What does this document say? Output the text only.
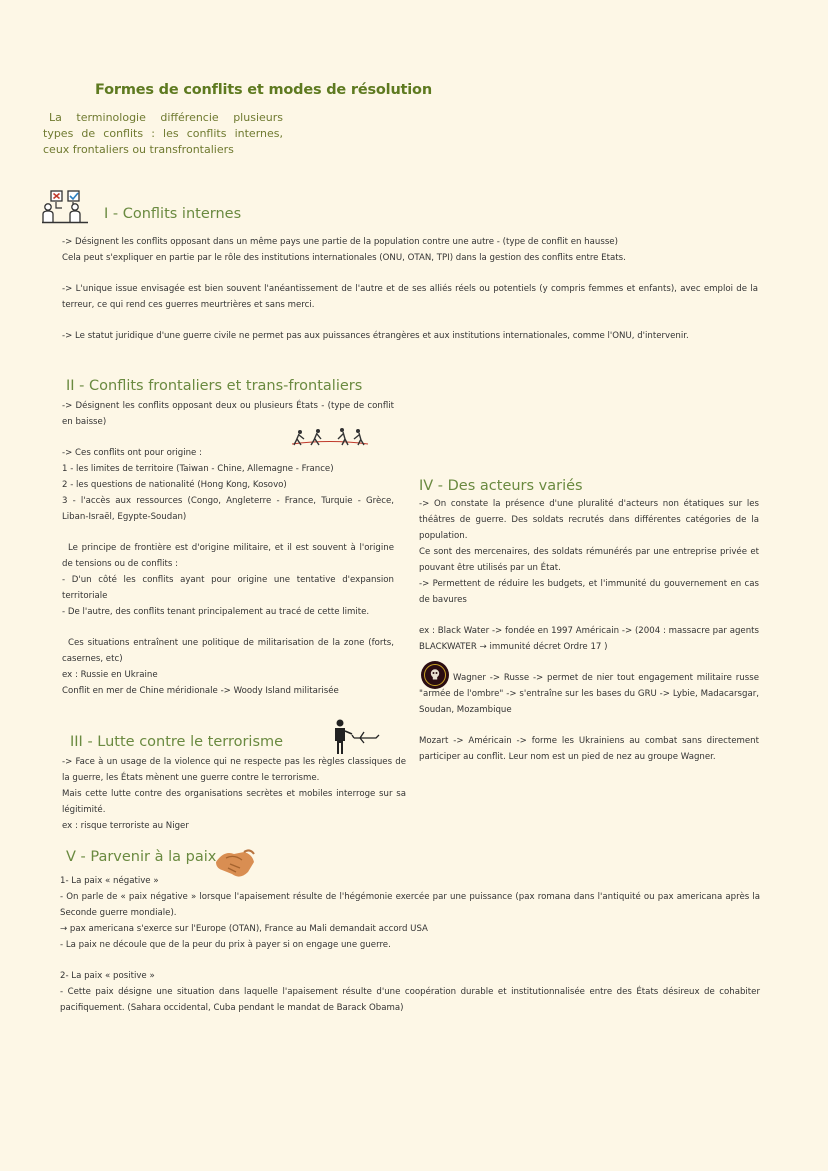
Formes de conflits et modes de résolution

La terminologie différencie plusieurs types de conflits : les conflits internes, ceux frontaliers ou transfrontaliers

I - Conflits internes

-> Désignent les conflits opposant dans un même pays une partie de la population contre une autre - (type de conflit en hausse)

Cela peut s'expliquer en partie par le rôle des institutions internationales (ONU, OTAN, TPI) dans la gestion des conflits entre Etats.

-> L'unique issue envisagée est bien souvent l'anéantissement de l'autre et de ses alliés réels ou potentiels (y compris femmes et enfants), avec emploi de la terreur, ce qui rend ces guerres meurtrières et sans merci.

-> Le statut juridique d'une guerre civile ne permet pas aux puissances étrangères et aux institutions internationales, comme l'ONU, d'intervenir.

II - Conflits frontaliers et trans-frontaliers

-> Désignent les conflits opposant deux ou plusieurs États - (type de conflit en baisse)

-> Ces conflits ont pour origine :

1 - les limites de territoire (Taiwan - Chine, Allemagne - France)

2 - les questions de nationalité (Hong Kong, Kosovo)

3 - l'accès aux ressources (Congo, Angleterre - France, Turquie - Grèce, Liban-Israël, Egypte-Soudan)

Le principe de frontière est d'origine militaire, et il est souvent à l'origine de tensions ou de conflits :

- D'un côté les conflits ayant pour origine une tentative d'expansion territoriale

- De l'autre, des conflits tenant principalement au tracé de cette limite.

Ces situations entraînent une politique de militarisation de la zone (forts, casernes, etc)

ex : Russie en Ukraine

Conflit en mer de Chine méridionale -> Woody Island militarisée

III - Lutte contre le terrorisme

-> Face à un usage de la violence qui ne respecte pas les règles classiques de la guerre, les États mènent une guerre contre le terrorisme.

Mais cette lutte contre des organisations secrètes et mobiles interroge sur sa légitimité.

ex : risque terroriste au Niger

IV - Des acteurs variés

-> On constate la présence d'une pluralité d'acteurs non étatiques sur les théâtres de guerre. Des soldats recrutés dans différentes catégories de la population.

Ce sont des mercenaires, des soldats rémunérés par une entreprise privée et pouvant être utilisés par un État.

-> Permettent de réduire les budgets, et l'immunité du gouvernement en cas de bavures

ex : Black Water -> fondée en 1997 Américain -> (2004 : massacre par agents BLACKWATER → immunité décret Ordre 17 )

Wagner -> Russe -> permet de nier tout engagement militaire russe "armée de l'ombre" -> s'entraîne sur les bases du GRU -> Lybie, Madacarsgar, Soudan, Mozambique

Mozart -> Américain -> forme les Ukrainiens au combat sans directement participer au conflit. Leur nom est un pied de nez au groupe Wagner.

V - Parvenir à la paix

1- La paix « négative »

- On parle de « paix négative » lorsque l'apaisement résulte de l'hégémonie exercée par une puissance (pax romana dans l'antiquité ou pax americana après la Seconde guerre mondiale).

→ pax americana s'exerce sur l'Europe (OTAN), France au Mali demandait accord USA

- La paix ne découle que de la peur du prix à payer si on engage une guerre.

2- La paix « positive »

- Cette paix désigne une situation dans laquelle l'apaisement résulte d'une coopération durable et institutionnalisée entre des États désireux de cohabiter pacifiquement. (Sahara occidental, Cuba pendant le mandat de Barack Obama)
